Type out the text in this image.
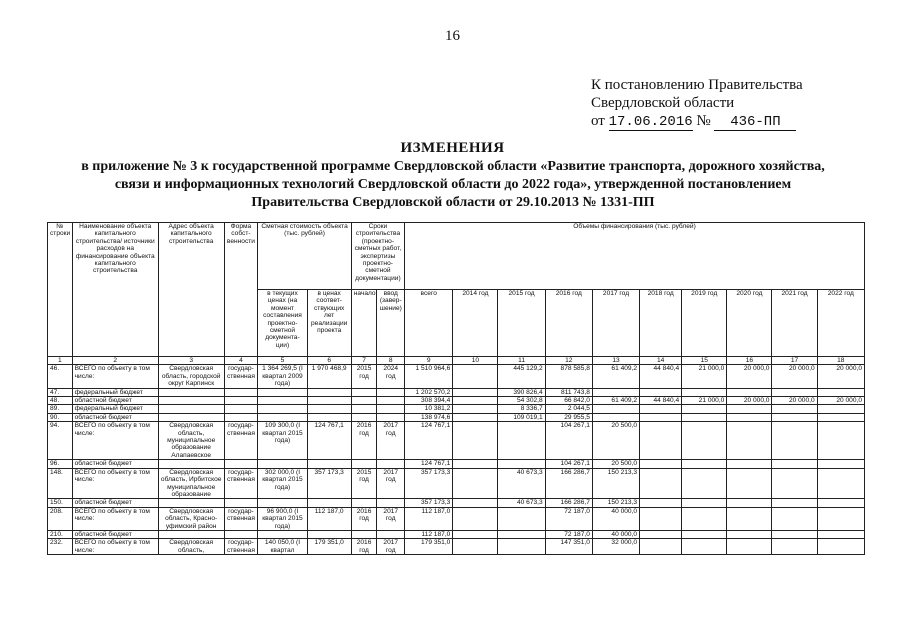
16
К постановлению Правительства
Свердловской области
от 17.06.2016 № 436-ПП
ИЗМЕНЕНИЯ
в приложение № 3 к государственной программе Свердловской области «Развитие транспорта, дорожного хозяйства, связи и информационных технологий Свердловской области до 2022 года», утвержденной постановлением Правительства Свердловской области от 29.10.2013 № 1331-ПП
№ строки	Наименование объекта капитального строительства/ источники расходов на финансирование объекта капитального строительства	Адрес объекта капитального строительства	Форма собст-венности	Сметная стоимость объекта (тыс. рублей)		Сроки строительства (проектно-сметных работ, экспертизы проектно-сметной документации)		Объемы финансирования (тыс. рублей)									
				в текущих ценах (на момент составления проектно-сметной документа-ции)	в ценах соответ-ствующих лет реализации проекта	начало	ввод (завер-шение)	всего	2014 год	2015 год	2016 год	2017 год	2018 год	2019 год	2020 год	2021 год	2022 год
1	2	3	4	5	6	7	8	9	10	11	12	13	14	15	16	17	18
46.	ВСЕГО по объекту в том числе:	Свердловская область, городской округ Карпинск	государ-ственная	1 364 269,5 (I квартал 2009 года)	1 970 468,9	2015 год	2024 год	1 510 964,6		445 129,2	878 585,8	61 409,2	44 840,4	21 000,0	20 000,0	20 000,0	20 000,0
47.	федеральный бюджет							1 202 570,2		390 826,4	811 743,8						
48.	областной бюджет							308 394,4		54 302,8	66 842,0	61 409,2	44 840,4	21 000,0	20 000,0	20 000,0	20 000,0
89.	федеральный бюджет							10 381,2		8 336,7	2 044,5						
90.	областной бюджет							138 974,6		109 019,1	29 955,5						
94.	ВСЕГО по объекту в том числе:	Свердловская область, муниципальное образование Алапаевское	государ-ственная	109 300,0 (I квартал 2015 года)	124 767,1	2016 год	2017 год	124 767,1			104 267,1	20 500,0					
96.	областной бюджет							124 767,1			104 267,1	20 500,0					
148.	ВСЕГО по объекту в том числе:	Свердловская область, Ирбитское муниципальное образование	государ-ственная	302 000,0 (I квартал 2015 года)	357 173,3	2015 год	2017 год	357 173,3		40 673,3	166 286,7	150 213,3					
150.	областной бюджет							357 173,3		40 673,3	166 286,7	150 213,3					
208.	ВСЕГО по объекту в том числе:	Свердловская область, Красно-уфимский район	государ-ственная	96 900,0 (I квартал 2015 года)	112 187,0	2016 год	2017 год	112 187,0			72 187,0	40 000,0					
210.	областной бюджет							112 187,0			72 187,0	40 000,0					
232.	ВСЕГО по объекту в том числе:	Свердловская область,	государ-ственная	140 050,0 (I квартал	179 351,0	2016 год	2017 год	179 351,0			147 351,0	32 000,0					
